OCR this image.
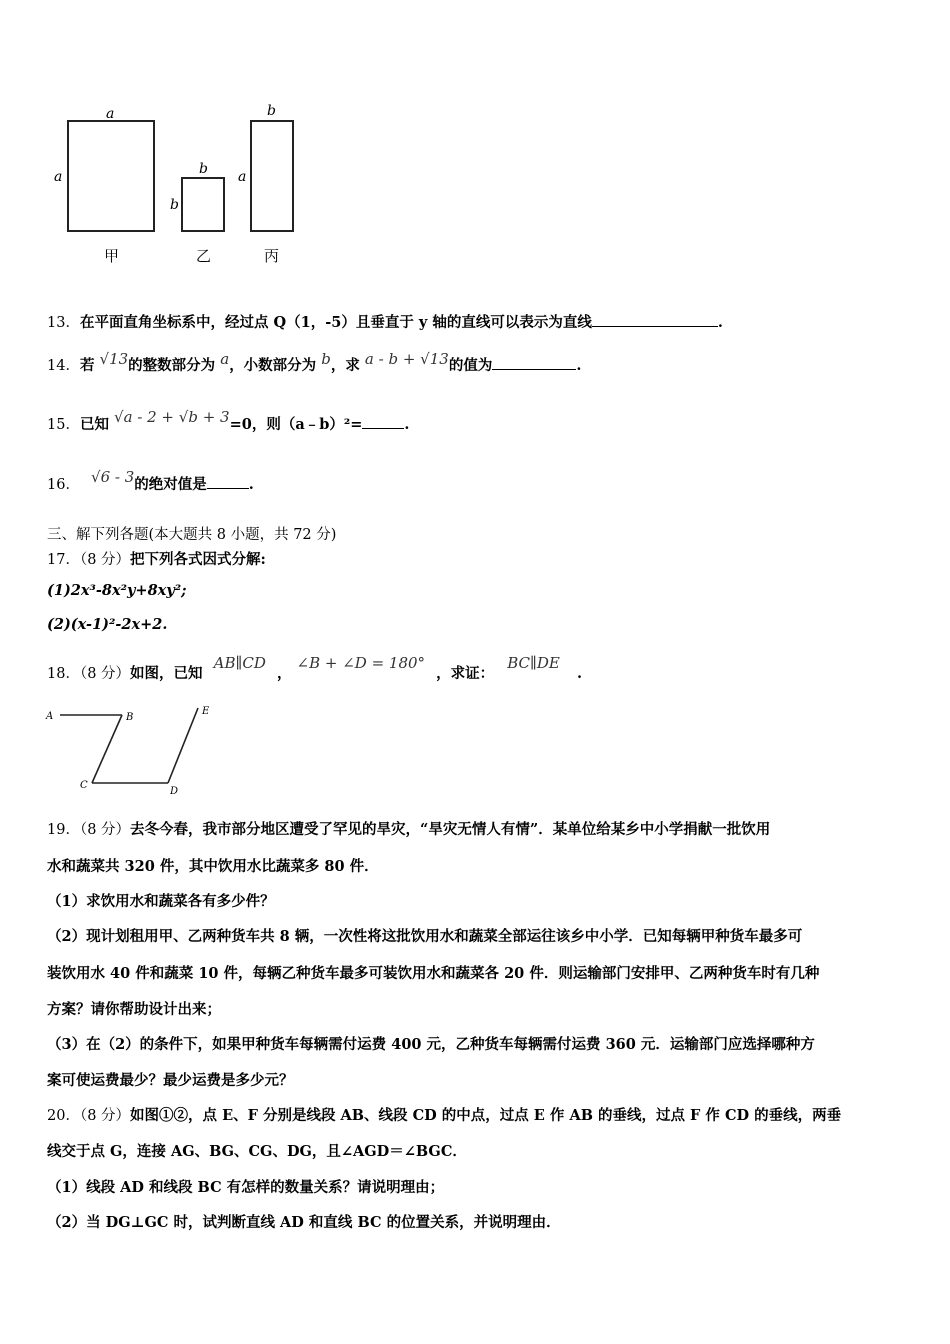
a
a	b
b
b
a
甲	乙	丙
13．在平面直角坐标系中，经过点 Q（1，-5）且垂直于 y 轴的直线可以表示为直线	.
14．若 √13的整数部分为 a，小数部分为 b，求 a - b + √13的值为	.
15．已知 √a - 2 + √b + 3=0，则（a﹣b）²=	.
16． √6 - 3的绝对值是	.
三、解下列各题(本大题共 8 小题，共 72 分)
17．（8 分）把下列各式因式分解:
(1)2x³-8x²y+8xy²;
(2)(x-1)²-2x+2.
18．（8 分）如图，已知 AB∥CD ， ∠B + ∠D = 180° ，求证： BC∥DE .
A	B
C
D
E
19．（8 分）去冬今春，我市部分地区遭受了罕见的旱灾，“旱灾无情人有情”．某单位给某乡中小学捐献一批饮用
水和蔬菜共 320 件，其中饮用水比蔬菜多 80 件．
（1）求饮用水和蔬菜各有多少件？
（2）现计划租用甲、乙两种货车共 8 辆，一次性将这批饮用水和蔬菜全部运往该乡中小学．已知每辆甲种货车最多可
装饮用水 40 件和蔬菜 10 件，每辆乙种货车最多可装饮用水和蔬菜各 20 件．则运输部门安排甲、乙两种货车时有几种
方案？请你帮助设计出来；
（3）在（2）的条件下，如果甲种货车每辆需付运费 400 元，乙种货车每辆需付运费 360 元．运输部门应选择哪种方
案可使运费最少？最少运费是多少元？
20．（8 分）如图①②，点 E、F 分别是线段 AB、线段 CD 的中点，过点 E 作 AB 的垂线，过点 F 作 CD 的垂线，两垂
线交于点 G，连接 AG、BG、CG、DG，且∠AGD＝∠BGC．
（1）线段 AD 和线段 BC 有怎样的数量关系？请说明理由；
（2）当 DG⊥GC 时，试判断直线 AD 和直线 BC 的位置关系，并说明理由．
